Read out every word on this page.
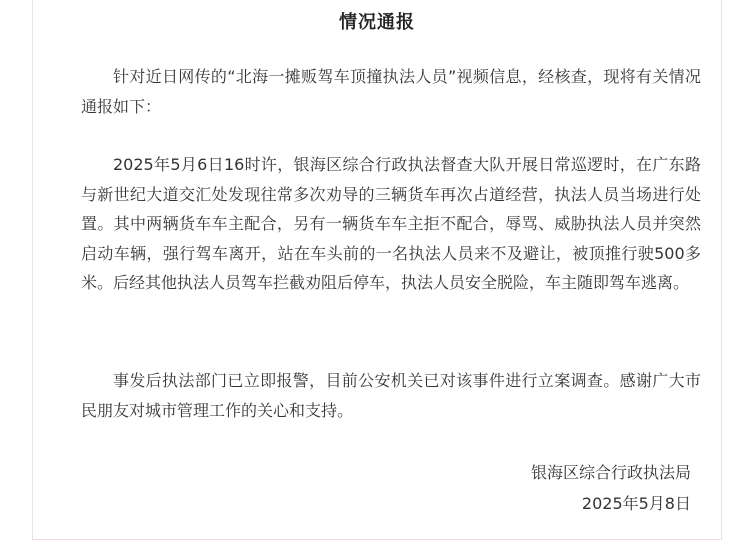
情况通报

针对近日网传的“北海一摊贩驾车顶撞执法人员”视频信息，经核查，现将有关情况通报如下：

2025年5月6日16时许，银海区综合行政执法督查大队开展日常巡逻时，在广东路与新世纪大道交汇处发现往常多次劝导的三辆货车再次占道经营，执法人员当场进行处置。其中两辆货车车主配合，另有一辆货车车主拒不配合，辱骂、威胁执法人员并突然启动车辆，强行驾车离开，站在车头前的一名执法人员来不及避让，被顶推行驶500多米。后经其他执法人员驾车拦截劝阻后停车，执法人员安全脱险，车主随即驾车逃离。

事发后执法部门已立即报警，目前公安机关已对该事件进行立案调查。感谢广大市民朋友对城市管理工作的关心和支持。

银海区综合行政执法局
2025年5月8日
